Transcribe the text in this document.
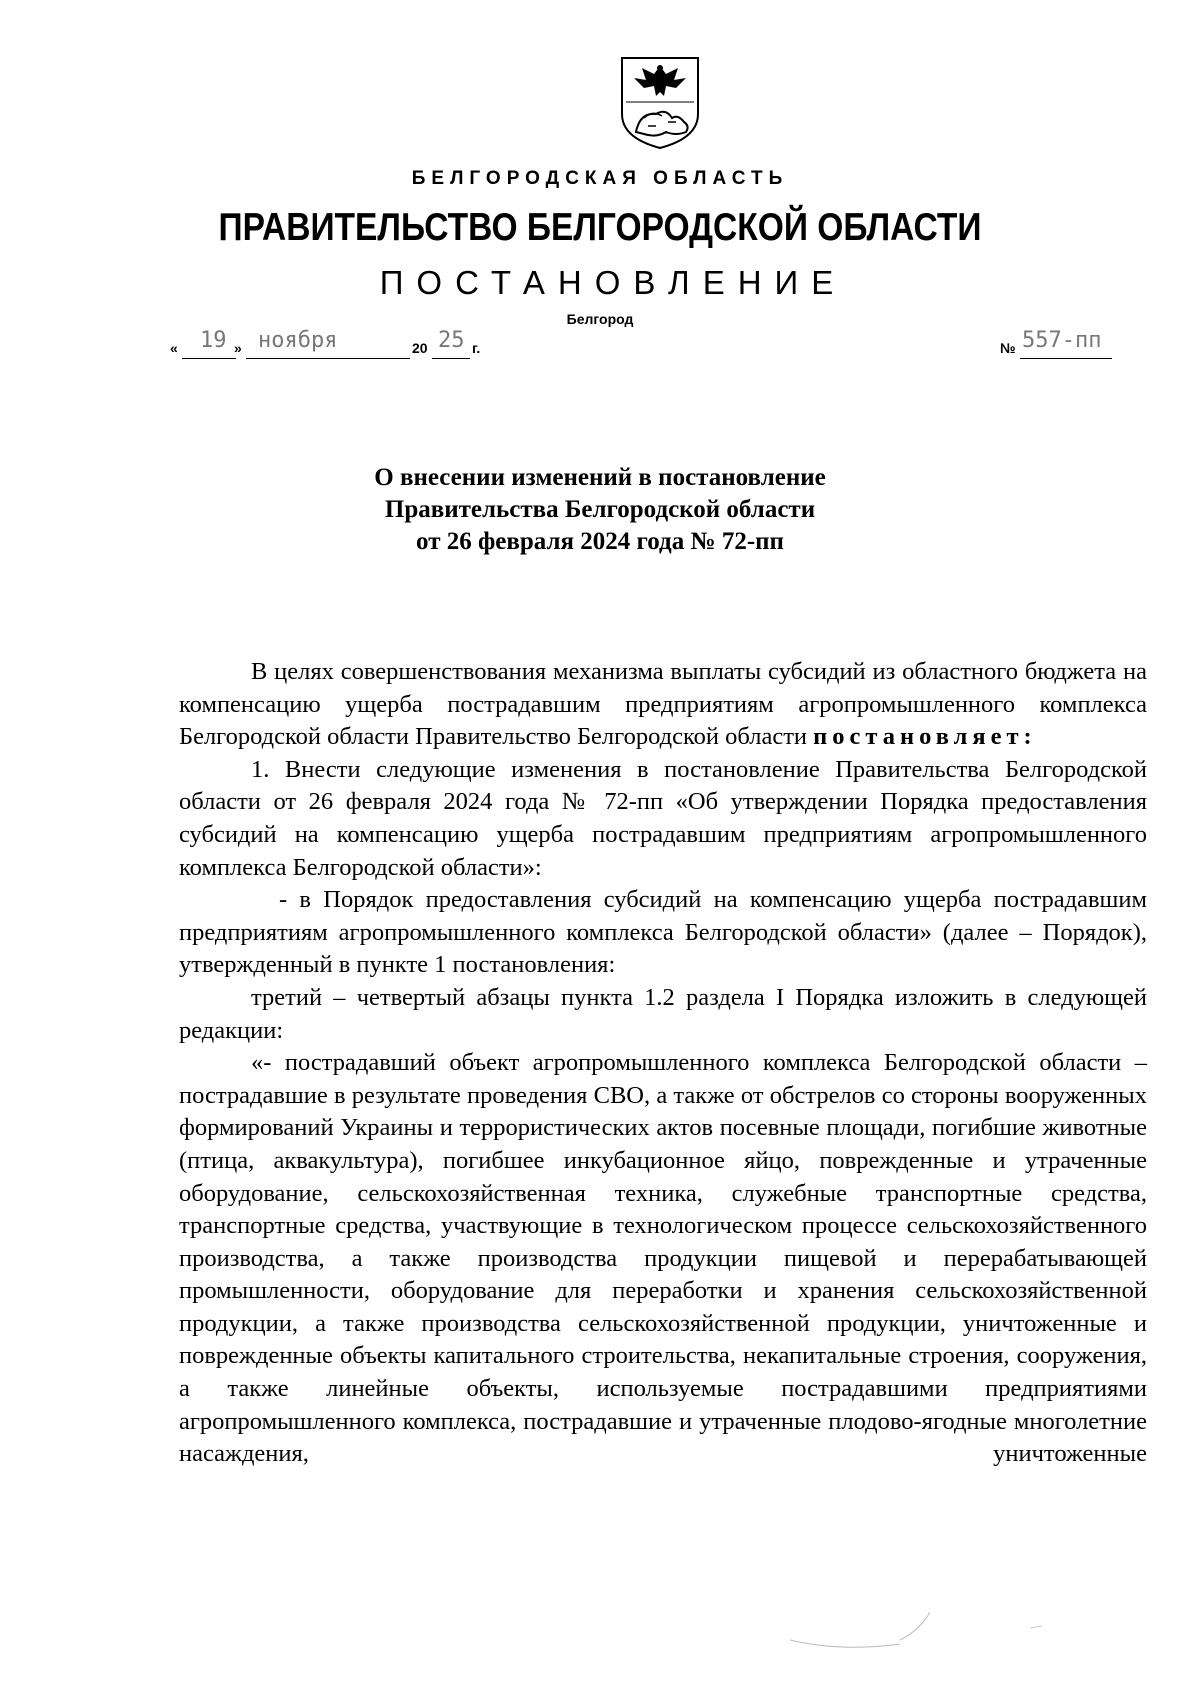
БЕЛГОРОДСКАЯ ОБЛАСТЬ
ПРАВИТЕЛЬСТВО БЕЛГОРОДСКОЙ ОБЛАСТИ
ПОСТАНОВЛЕНИЕ
Белгород
« 19 » ноября	20 25 г.	№ 557-пп
О внесении изменений в постановление
Правительства Белгородской области
от 26 февраля 2024 года № 72-пп

В целях совершенствования механизма выплаты субсидий из областного бюджета на компенсацию ущерба пострадавшим предприятиям агропромышленного комплекса Белгородской области Правительство Белгородской области постановляет:

1. Внести следующие изменения в постановление Правительства Белгородской области от 26 февраля 2024 года № 72-пп «Об утверждении Порядка предоставления субсидий на компенсацию ущерба пострадавшим предприятиям агропромышленного комплекса Белгородской области»:

- в Порядок предоставления субсидий на компенсацию ущерба пострадавшим предприятиям агропромышленного комплекса Белгородской области» (далее – Порядок), утвержденный в пункте 1 постановления:

третий – четвертый абзацы пункта 1.2 раздела I Порядка изложить в следующей редакции:

«- пострадавший объект агропромышленного комплекса Белгородской области – пострадавшие в результате проведения СВО, а также от обстрелов со стороны вооруженных формирований Украины и террористических актов посевные площади, погибшие животные (птица, аквакультура), погибшее инкубационное яйцо, поврежденные и утраченные оборудование, сельскохозяйственная техника, служебные транспортные средства, транспортные средства, участвующие в технологическом процессе сельскохозяйственного производства, а также производства продукции пищевой и перерабатывающей промышленности, оборудование для переработки и хранения сельскохозяйственной продукции, а также производства сельскохозяйственной продукции, уничтоженные и поврежденные объекты капитального строительства, некапитальные строения, сооружения, а также линейные объекты, используемые пострадавшими предприятиями агропромышленного комплекса, пострадавшие и утраченные плодово-ягодные многолетние насаждения, уничтоженные
